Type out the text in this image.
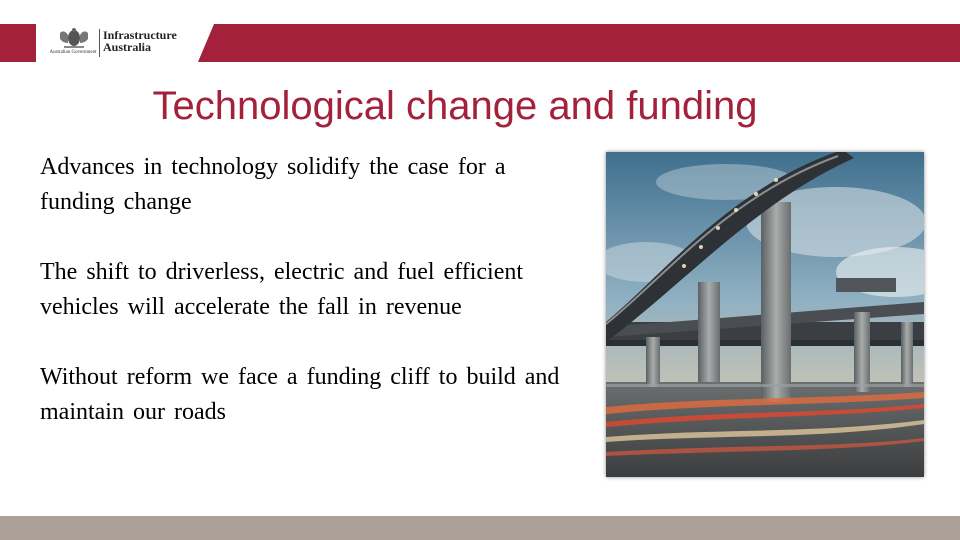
Australian Government
Infrastructure
Australia
Technological change and funding

Advances in technology solidify the case for a funding change

The shift to driverless, electric and fuel efficient vehicles will accelerate the fall in revenue

Without reform we face a funding cliff to build and maintain our roads
